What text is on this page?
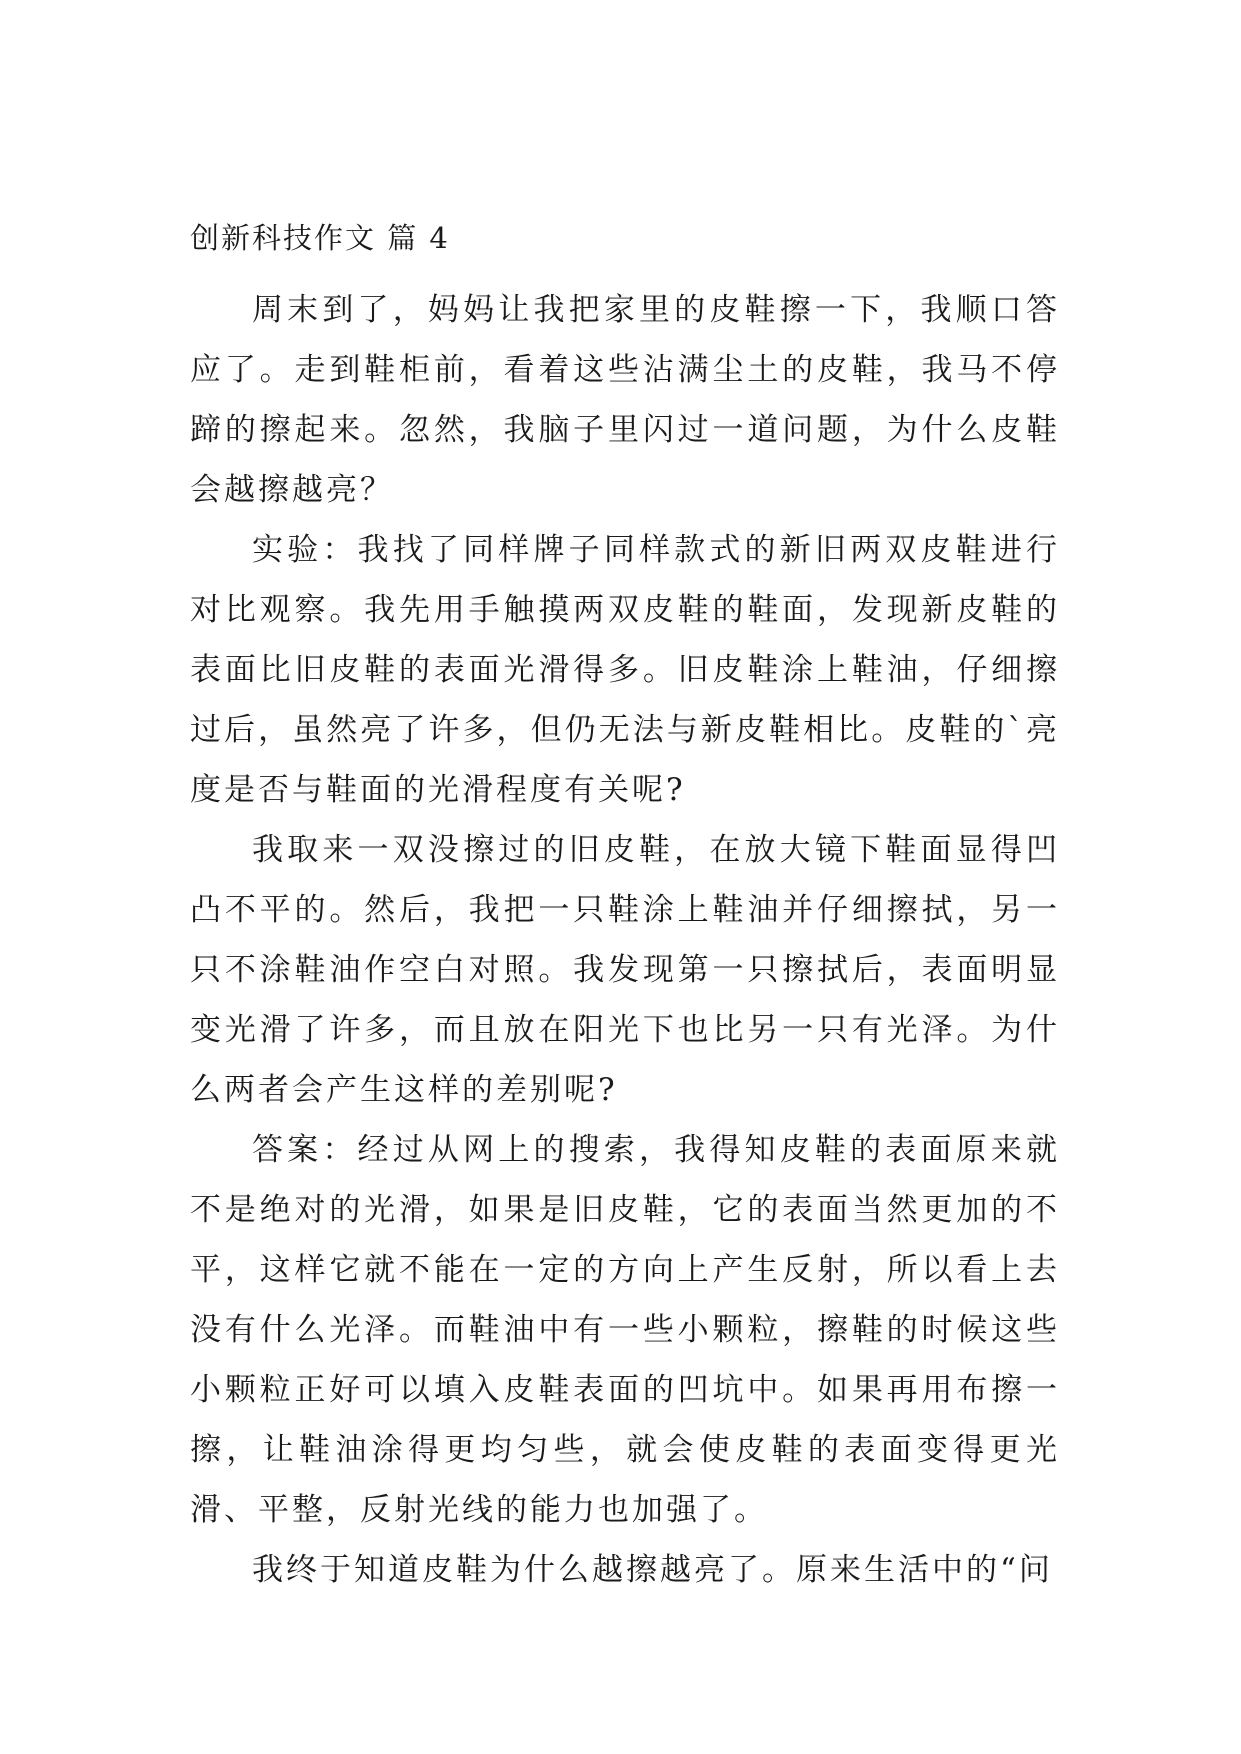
创新科技作文 篇 4

周末到了，妈妈让我把家里的皮鞋擦一下，我顺口答应了。走到鞋柜前，看着这些沾满尘土的皮鞋，我马不停蹄的擦起来。忽然，我脑子里闪过一道问题，为什么皮鞋会越擦越亮？

实验：我找了同样牌子同样款式的新旧两双皮鞋进行对比观察。我先用手触摸两双皮鞋的鞋面，发现新皮鞋的表面比旧皮鞋的表面光滑得多。旧皮鞋涂上鞋油，仔细擦过后，虽然亮了许多，但仍无法与新皮鞋相比。皮鞋的`亮度是否与鞋面的光滑程度有关呢?

我取来一双没擦过的旧皮鞋，在放大镜下鞋面显得凹凸不平的。然后，我把一只鞋涂上鞋油并仔细擦拭，另一只不涂鞋油作空白对照。我发现第一只擦拭后，表面明显变光滑了许多，而且放在阳光下也比另一只有光泽。为什么两者会产生这样的差别呢?

答案：经过从网上的搜索，我得知皮鞋的表面原来就不是绝对的光滑，如果是旧皮鞋，它的表面当然更加的不平，这样它就不能在一定的方向上产生反射，所以看上去没有什么光泽。而鞋油中有一些小颗粒，擦鞋的时候这些小颗粒正好可以填入皮鞋表面的凹坑中。如果再用布擦一擦，让鞋油涂得更均匀些，就会使皮鞋的表面变得更光滑、平整，反射光线的能力也加强了。

我终于知道皮鞋为什么越擦越亮了。原来生活中的“问
